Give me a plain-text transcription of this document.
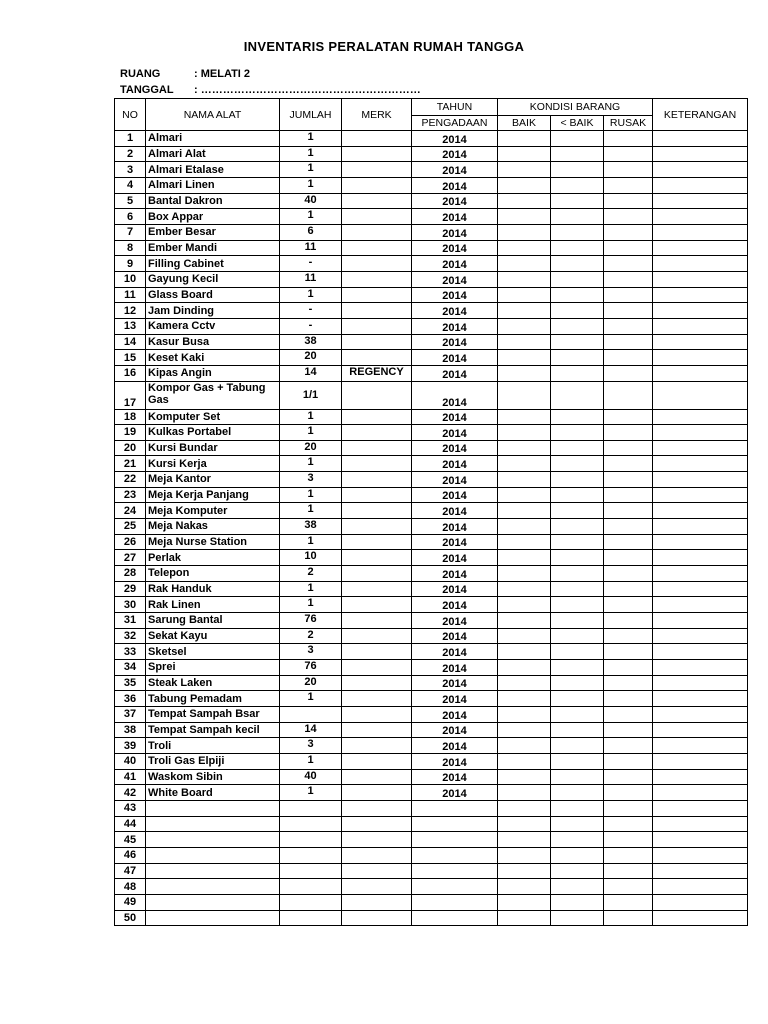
INVENTARIS PERALATAN RUMAH TANGGA
RUANG	: MELATI 2
TANGGAL : ……………………………………………………
NO	NAMA ALAT	JUMLAH	MERK	TAHUN	KONDISI BARANG			KETERANGAN
				PENGADAAN	BAIK	< BAIK	RUSAK	
1	Almari	1		2014				
2	Almari Alat	1		2014				
3	Almari Etalase	1		2014				
4	Almari Linen	1		2014				
5	Bantal Dakron	40		2014				
6	Box Appar	1		2014				
7	Ember Besar	6		2014				
8	Ember Mandi	11		2014				
9	Filling Cabinet	-		2014				
10	Gayung Kecil	11		2014				
11	Glass Board	1		2014				
12	Jam Dinding	-		2014				
13	Kamera Cctv	-		2014				
14	Kasur Busa	38		2014				
15	Keset Kaki	20		2014				
16	Kipas Angin	14	REGENCY	2014				
17	Kompor Gas + Tabung Gas	1/1		2014				
18	Komputer Set	1		2014				
19	Kulkas Portabel	1		2014				
20	Kursi Bundar	20		2014				
21	Kursi Kerja	1		2014				
22	Meja Kantor	3		2014				
23	Meja Kerja Panjang	1		2014				
24	Meja Komputer	1		2014				
25	Meja Nakas	38		2014				
26	Meja Nurse Station	1		2014				
27	Perlak	10		2014				
28	Telepon	2		2014				
29	Rak Handuk	1		2014				
30	Rak Linen	1		2014				
31	Sarung Bantal	76		2014				
32	Sekat Kayu	2		2014				
33	Sketsel	3		2014				
34	Sprei	76		2014				
35	Steak Laken	20		2014				
36	Tabung Pemadam	1		2014				
37	Tempat Sampah Bsar			2014				
38	Tempat Sampah kecil	14		2014				
39	Troli	3		2014				
40	Troli Gas Elpiji	1		2014				
41	Waskom Sibin	40		2014				
42	White Board	1		2014				
43								
44								
45								
46								
47								
48								
49								
50								
